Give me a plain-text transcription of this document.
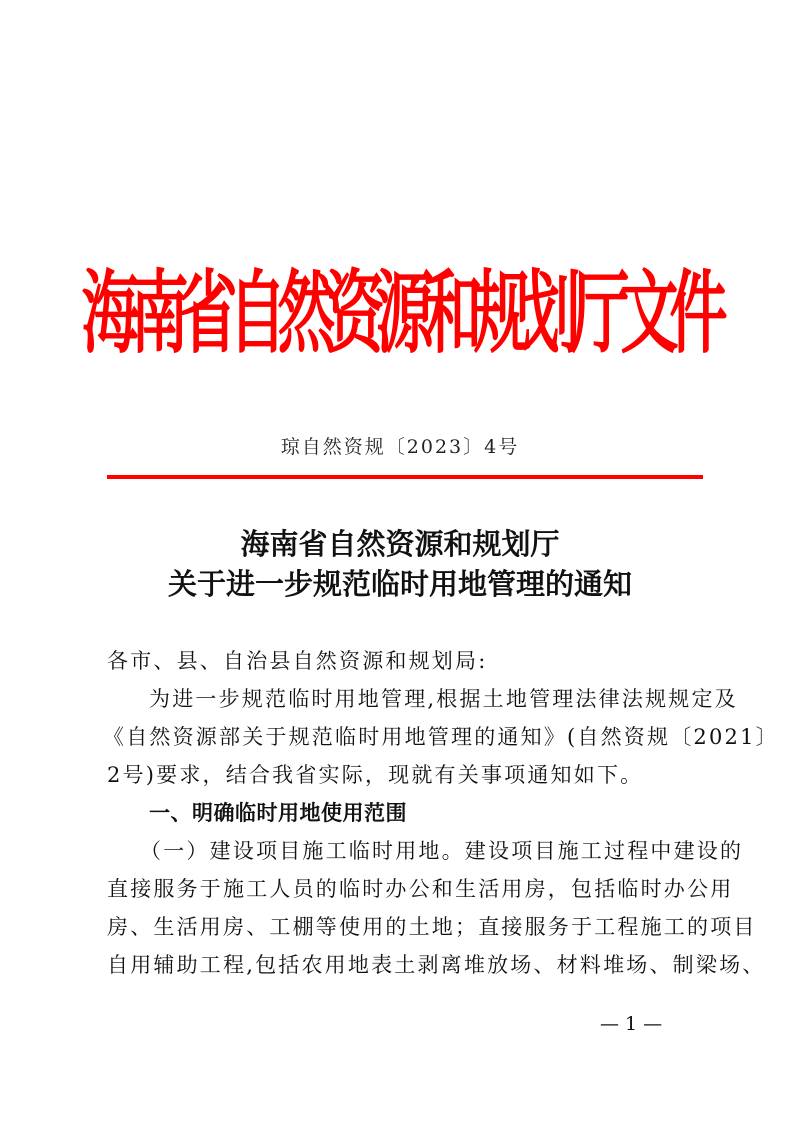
海南省自然资源和规划厅文件
琼自然资规〔2023〕4号
海南省自然资源和规划厅
关于进一步规范临时用地管理的通知
各市、县、自治县自然资源和规划局:
为进一步规范临时用地管理,根据土地管理法律法规规定及
《自然资源部关于规范临时用地管理的通知》(自然资规〔2021〕
2号)要求，结合我省实际，现就有关事项通知如下。
一、明确临时用地使用范围
（一）建设项目施工临时用地。建设项目施工过程中建设的
直接服务于施工人员的临时办公和生活用房，包括临时办公用
房、生活用房、工棚等使用的土地；直接服务于工程施工的项目
自用辅助工程,包括农用地表土剥离堆放场、材料堆场、制梁场、
— 1 —
